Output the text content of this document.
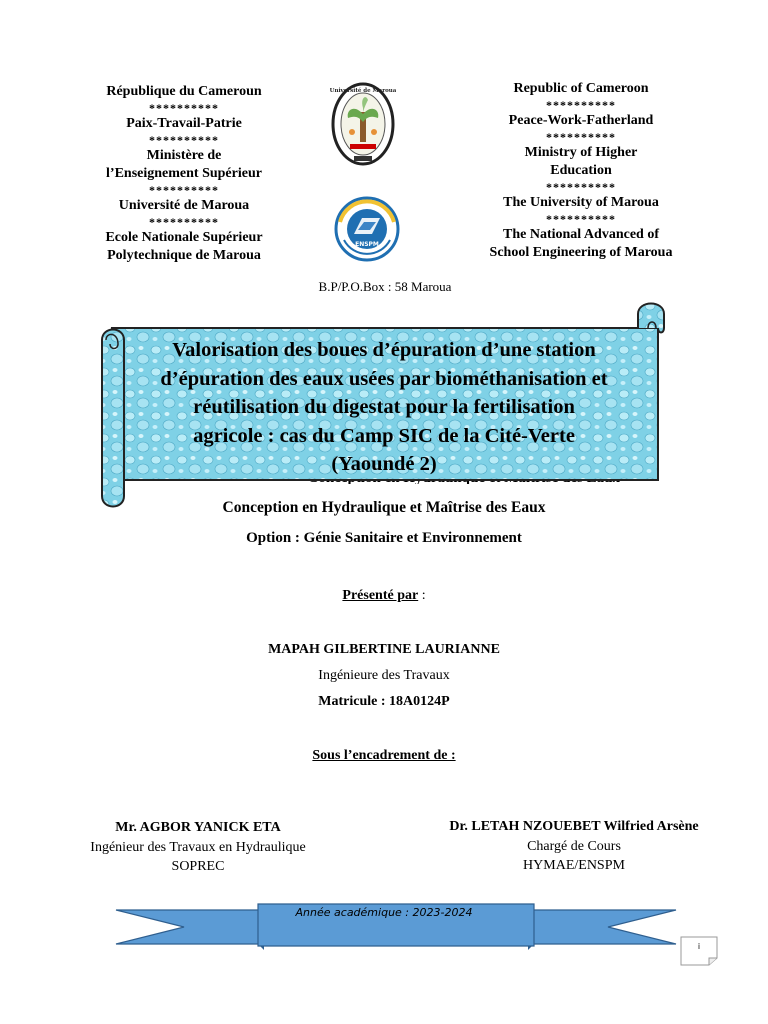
République du Cameroun
**********
Paix-Travail-Patrie
**********
Ministère de
l’Enseignement Supérieur
**********
Université de Maroua
**********
Ecole Nationale Supérieur
Polytechnique de Maroua
Republic of Cameroon
**********
Peace-Work-Fatherland
**********
Ministry of Higher
Education
**********
The University of Maroua
**********
The National Advanced of
School Engineering of Maroua
Université de Maroua
ENSPM
B.P/P.O.Box : 58 Maroua
Valorisation des boues d’épuration d’une station
d’épuration des eaux usées par biométhanisation et
réutilisation du digestat pour la fertilisation
agricole : cas du Camp SIC de la Cité-Verte
(Yaoundé 2)
Conception en Hydraulique et Maîtrise des Eaux
Option : Génie Sanitaire et Environnement
Présenté par :
MAPAH GILBERTINE LAURIANNE
Ingénieure des Travaux
Matricule : 18A0124P
Sous l’encadrement de :
Mr. AGBOR YANICK ETA
Ingénieur des Travaux en Hydraulique
SOPREC
Dr. LETAH NZOUEBET Wilfried Arsène
Chargé de Cours
HYMAE/ENSPM
Année académique : 2023-2024
i
